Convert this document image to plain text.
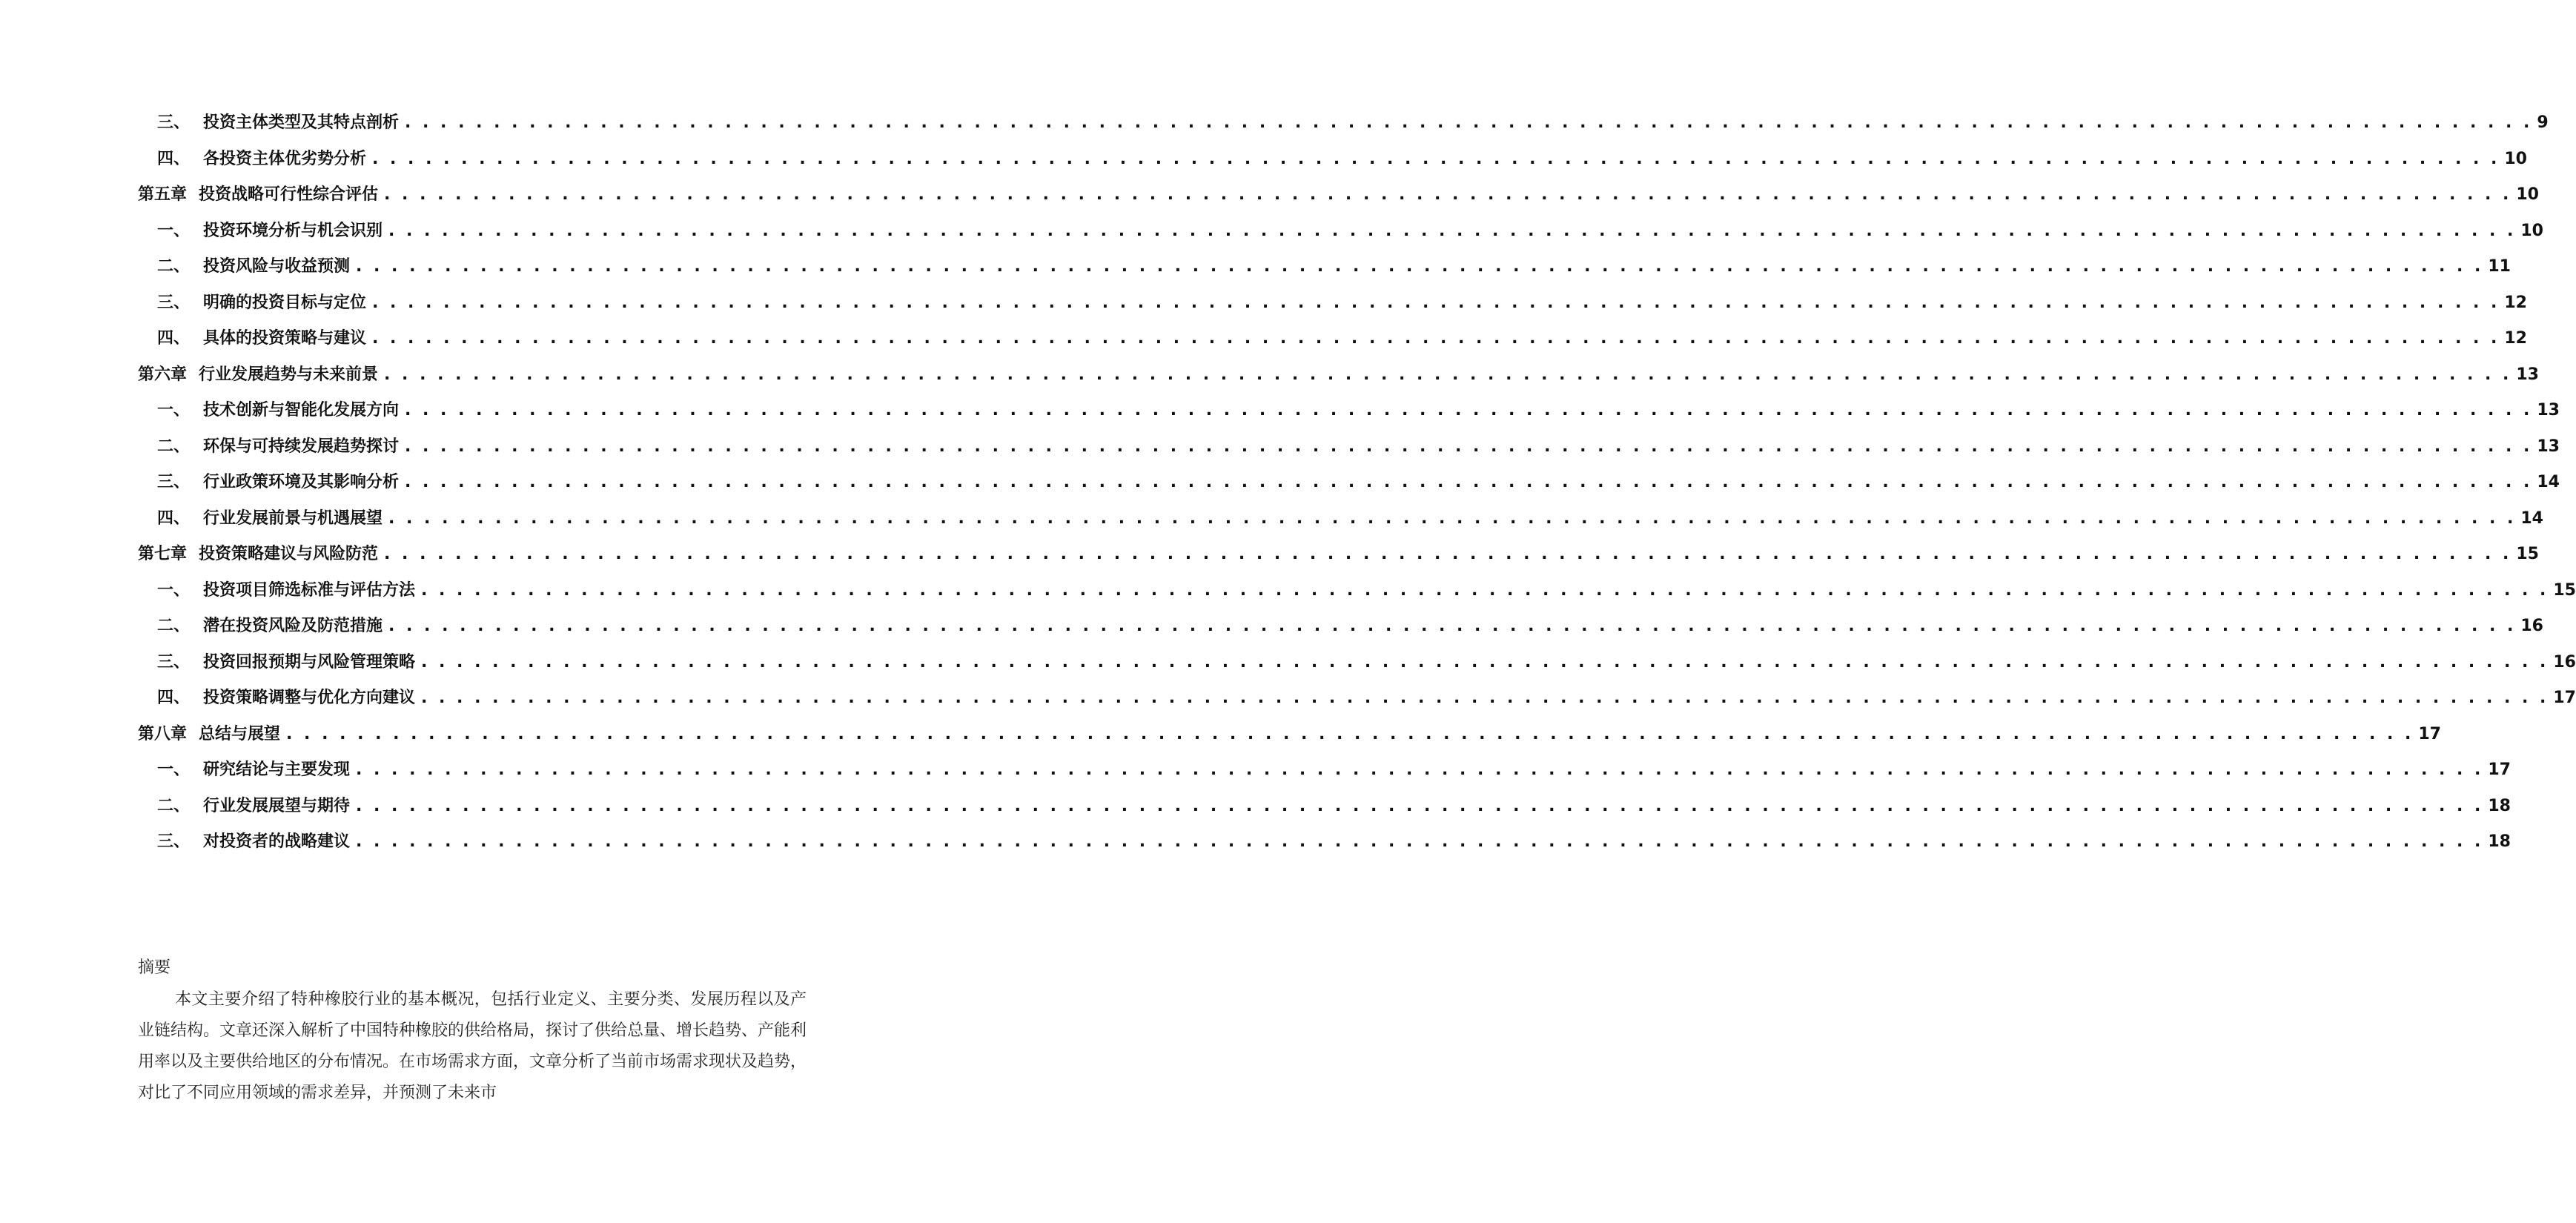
三、 投资主体类型及其特点剖析 . . . . . . . . . . . . . . . . . . . . . . . . . . . . . . . . . . . . . . . . . . . . . . . . . . . . . . . . . . . . . . . . . . . . . . . . . . . . . . . . . . . . . . . . . . . . . . . . . . . . . . . . . . . . . . . . . . . . . . . . 9
四、 各投资主体优劣势分析 . . . . . . . . . . . . . . . . . . . . . . . . . . . . . . . . . . . . . . . . . . . . . . . . . . . . . . . . . . . . . . . . . . . . . . . . . . . . . . . . . . . . . . . . . . . . . . . . . . . . . . . . . . . . . . . . . . . . . . . . 10
第五章 投资战略可行性综合评估 . . . . . . . . . . . . . . . . . . . . . . . . . . . . . . . . . . . . . . . . . . . . . . . . . . . . . . . . . . . . . . . . . . . . . . . . . . . . . . . . . . . . . . . . . . . . . . . . . . . . . . . . . . . . . . . . . . . . . . . . 10
一、 投资环境分析与机会识别 . . . . . . . . . . . . . . . . . . . . . . . . . . . . . . . . . . . . . . . . . . . . . . . . . . . . . . . . . . . . . . . . . . . . . . . . . . . . . . . . . . . . . . . . . . . . . . . . . . . . . . . . . . . . . . . . . . . . . . . . 10
二、 投资风险与收益预测 . . . . . . . . . . . . . . . . . . . . . . . . . . . . . . . . . . . . . . . . . . . . . . . . . . . . . . . . . . . . . . . . . . . . . . . . . . . . . . . . . . . . . . . . . . . . . . . . . . . . . . . . . . . . . . . . . . . . . . . . 11
三、 明确的投资目标与定位 . . . . . . . . . . . . . . . . . . . . . . . . . . . . . . . . . . . . . . . . . . . . . . . . . . . . . . . . . . . . . . . . . . . . . . . . . . . . . . . . . . . . . . . . . . . . . . . . . . . . . . . . . . . . . . . . . . . . . . . . 12
四、 具体的投资策略与建议 . . . . . . . . . . . . . . . . . . . . . . . . . . . . . . . . . . . . . . . . . . . . . . . . . . . . . . . . . . . . . . . . . . . . . . . . . . . . . . . . . . . . . . . . . . . . . . . . . . . . . . . . . . . . . . . . . . . . . . . . 12
第六章 行业发展趋势与未来前景 . . . . . . . . . . . . . . . . . . . . . . . . . . . . . . . . . . . . . . . . . . . . . . . . . . . . . . . . . . . . . . . . . . . . . . . . . . . . . . . . . . . . . . . . . . . . . . . . . . . . . . . . . . . . . . . . . . . . . . . . 13
一、 技术创新与智能化发展方向 . . . . . . . . . . . . . . . . . . . . . . . . . . . . . . . . . . . . . . . . . . . . . . . . . . . . . . . . . . . . . . . . . . . . . . . . . . . . . . . . . . . . . . . . . . . . . . . . . . . . . . . . . . . . . . . . . . . . . . . . 13
二、 环保与可持续发展趋势探讨 . . . . . . . . . . . . . . . . . . . . . . . . . . . . . . . . . . . . . . . . . . . . . . . . . . . . . . . . . . . . . . . . . . . . . . . . . . . . . . . . . . . . . . . . . . . . . . . . . . . . . . . . . . . . . . . . . . . . . . . . 13
三、 行业政策环境及其影响分析 . . . . . . . . . . . . . . . . . . . . . . . . . . . . . . . . . . . . . . . . . . . . . . . . . . . . . . . . . . . . . . . . . . . . . . . . . . . . . . . . . . . . . . . . . . . . . . . . . . . . . . . . . . . . . . . . . . . . . . . . 14
四、 行业发展前景与机遇展望 . . . . . . . . . . . . . . . . . . . . . . . . . . . . . . . . . . . . . . . . . . . . . . . . . . . . . . . . . . . . . . . . . . . . . . . . . . . . . . . . . . . . . . . . . . . . . . . . . . . . . . . . . . . . . . . . . . . . . . . . 14
第七章 投资策略建议与风险防范 . . . . . . . . . . . . . . . . . . . . . . . . . . . . . . . . . . . . . . . . . . . . . . . . . . . . . . . . . . . . . . . . . . . . . . . . . . . . . . . . . . . . . . . . . . . . . . . . . . . . . . . . . . . . . . . . . . . . . . . . 15
一、 投资项目筛选标准与评估方法 . . . . . . . . . . . . . . . . . . . . . . . . . . . . . . . . . . . . . . . . . . . . . . . . . . . . . . . . . . . . . . . . . . . . . . . . . . . . . . . . . . . . . . . . . . . . . . . . . . . . . . . . . . . . . . . . . . . . . . . . 15
二、 潜在投资风险及防范措施 . . . . . . . . . . . . . . . . . . . . . . . . . . . . . . . . . . . . . . . . . . . . . . . . . . . . . . . . . . . . . . . . . . . . . . . . . . . . . . . . . . . . . . . . . . . . . . . . . . . . . . . . . . . . . . . . . . . . . . . . 16
三、 投资回报预期与风险管理策略 . . . . . . . . . . . . . . . . . . . . . . . . . . . . . . . . . . . . . . . . . . . . . . . . . . . . . . . . . . . . . . . . . . . . . . . . . . . . . . . . . . . . . . . . . . . . . . . . . . . . . . . . . . . . . . . . . . . . . . . . 16
四、 投资策略调整与优化方向建议 . . . . . . . . . . . . . . . . . . . . . . . . . . . . . . . . . . . . . . . . . . . . . . . . . . . . . . . . . . . . . . . . . . . . . . . . . . . . . . . . . . . . . . . . . . . . . . . . . . . . . . . . . . . . . . . . . . . . . . . . 17
第八章 总结与展望 . . . . . . . . . . . . . . . . . . . . . . . . . . . . . . . . . . . . . . . . . . . . . . . . . . . . . . . . . . . . . . . . . . . . . . . . . . . . . . . . . . . . . . . . . . . . . . . . . . . . . . . . . . . . . . . . . . . . . . . . 17
一、 研究结论与主要发现 . . . . . . . . . . . . . . . . . . . . . . . . . . . . . . . . . . . . . . . . . . . . . . . . . . . . . . . . . . . . . . . . . . . . . . . . . . . . . . . . . . . . . . . . . . . . . . . . . . . . . . . . . . . . . . . . . . . . . . . . 17
二、 行业发展展望与期待 . . . . . . . . . . . . . . . . . . . . . . . . . . . . . . . . . . . . . . . . . . . . . . . . . . . . . . . . . . . . . . . . . . . . . . . . . . . . . . . . . . . . . . . . . . . . . . . . . . . . . . . . . . . . . . . . . . . . . . . . 18
三、 对投资者的战略建议 . . . . . . . . . . . . . . . . . . . . . . . . . . . . . . . . . . . . . . . . . . . . . . . . . . . . . . . . . . . . . . . . . . . . . . . . . . . . . . . . . . . . . . . . . . . . . . . . . . . . . . . . . . . . . . . . . . . . . . . . 18

摘要

本文主要介绍了特种橡胶行业的基本概况，包括行业定义、主要分类、发展历程以及产业链结构。文章还深入解析了中国特种橡胶的供给格局，探讨了供给总量、增长趋势、产能利用率以及主要供给地区的分布情况。在市场需求方面，文章分析了当前市场需求现状及趋势，对比了不同应用领域的需求差异，并预测了未来市
